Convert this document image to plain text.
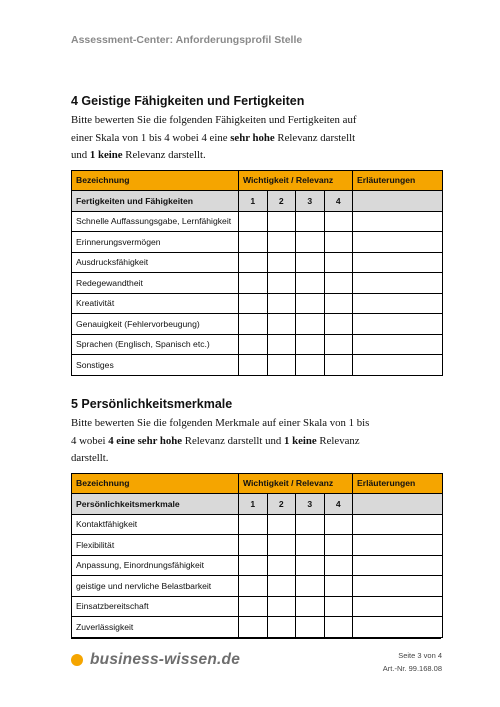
Assessment-Center: Anforderungsprofil Stelle
4 Geistige Fähigkeiten und Fertigkeiten
Bitte bewerten Sie die folgenden Fähigkeiten und Fertigkeiten auf einer Skala von 1 bis 4 wobei 4 eine sehr hohe Relevanz darstellt und 1 keine Relevanz darstellt.
Bezeichnung	Wichtigkeit / Relevanz				Erläuterungen
Fertigkeiten und Fähigkeiten	1	2	3	4	
Schnelle Auffassungsgabe, Lernfähigkeit					
Erinnerungsvermögen					
Ausdrucksfähigkeit					
Redegewandtheit					
Kreativität					
Genauigkeit (Fehlervorbeugung)					
Sprachen (Englisch, Spanisch etc.)					
Sonstiges					
5 Persönlichkeitsmerkmale
Bitte bewerten Sie die folgenden Merkmale auf einer Skala von 1 bis 4 wobei 4 eine sehr hohe Relevanz darstellt und 1 keine Relevanz darstellt.
Bezeichnung	Wichtigkeit / Relevanz				Erläuterungen
Persönlichkeitsmerkmale	1	2	3	4	
Kontaktfähigkeit					
Flexibilität					
Anpassung, Einordnungsfähigkeit					
geistige und nervliche Belastbarkeit					
Einsatzbereitschaft					
Zuverlässigkeit					
business-wissen.de	Seite 3 von 4
Art.-Nr. 99.168.08
